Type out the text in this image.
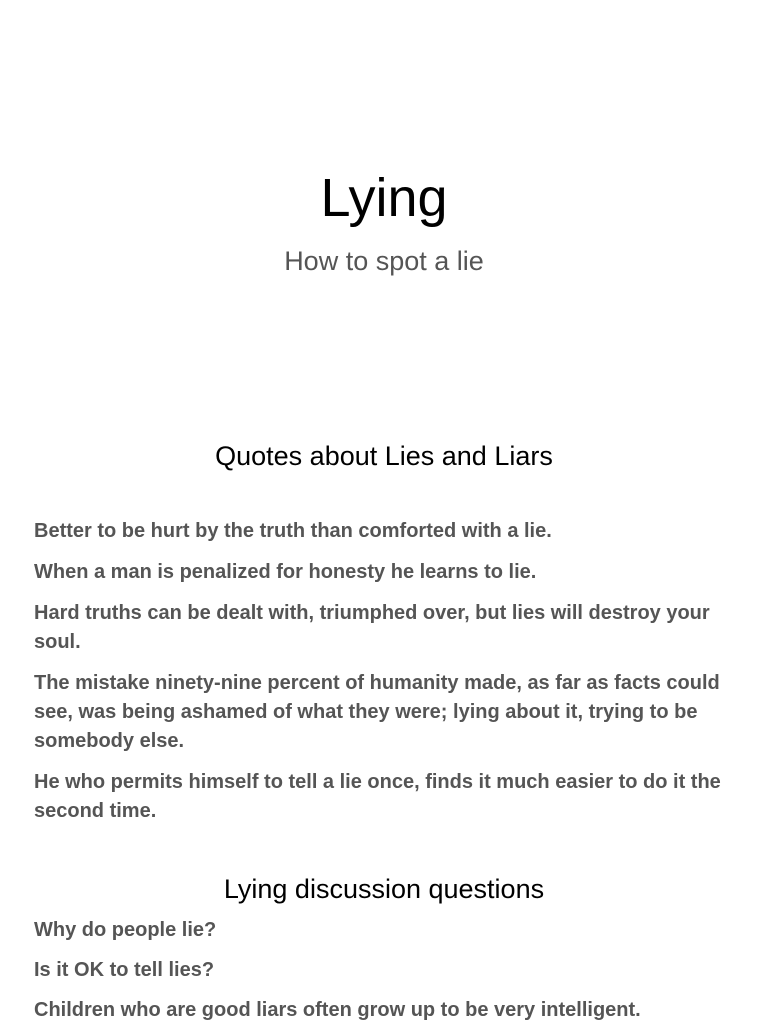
Lying
How to spot a lie
Quotes about Lies and Liars
Better to be hurt by the truth than comforted with a lie.
When a man is penalized for honesty he learns to lie.
Hard truths can be dealt with, triumphed over, but lies will destroy your soul.
The mistake ninety-nine percent of humanity made, as far as facts could see, was being ashamed of what they were; lying about it, trying to be somebody else.
He who permits himself to tell a lie once, finds it much easier to do it the second time.
Lying discussion questions
Why do people lie?
Is it OK to tell lies?
Children who are good liars often grow up to be very intelligent.
